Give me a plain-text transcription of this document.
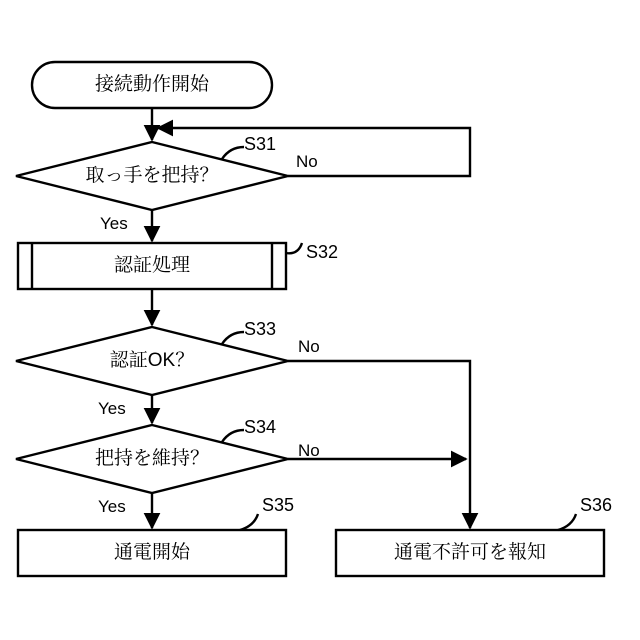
接続動作開始
取っ手を把持？
認証処理
認証OK？
把持を維持？
通電開始	通電不許可を報知
S31
S32
S33
S34
S35	S36
No
Yes
No
Yes
No
Yes
